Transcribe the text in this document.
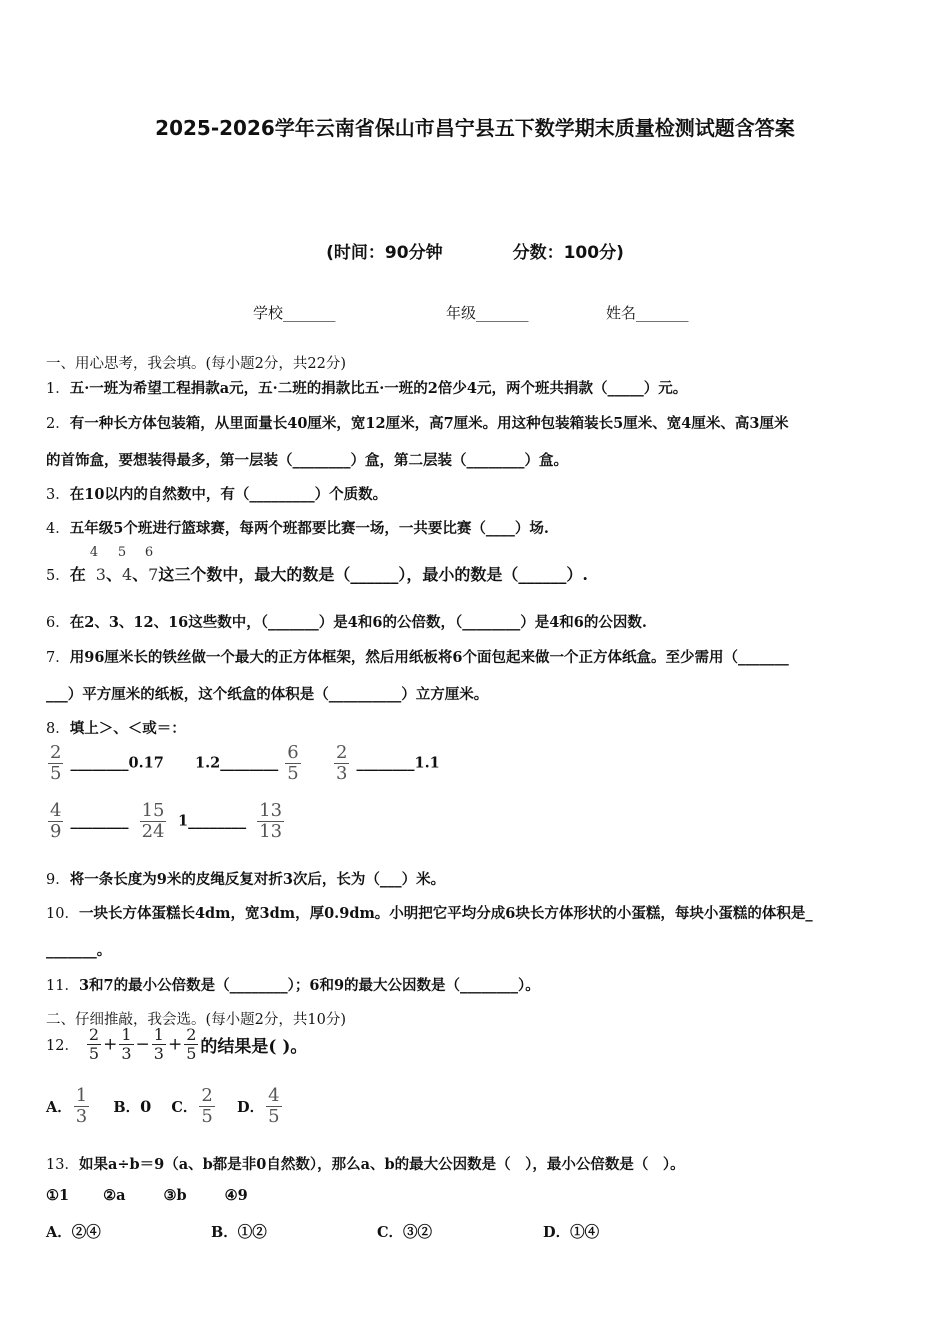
2025-2026学年云南省保山市昌宁县五下数学期末质量检测试题含答案
(时间：90分钟	分数：100分)
学校_______	年级_______	姓名_______
一、用心思考，我会填。(每小题2分，共22分)
1．五·一班为希望工程捐款a元，五·二班的捐款比五·一班的2倍少4元，两个班共捐款（_____）元。
2．有一种长方体包装箱，从里面量长40厘米，宽12厘米，高7厘米。用这种包装箱装长5厘米、宽4厘米、高3厘米
的首饰盒，要想装得最多，第一层装（________）盒，第二层装（________）盒。
3．在10以内的自然数中，有（_________）个质数。
4．五年级5个班进行篮球赛，每两个班都要比赛一场，一共要比赛（____）场.
5．在 3、4、7这三个数中，最大的数是（______），最小的数是（______）.
4 5 6
6．在2、3、12、16这些数中，（_______）是4和6的公倍数，（________）是4和6的公因数.
7．用96厘米长的铁丝做一个最大的正方体框架，然后用纸板将6个面包起来做一个正方体纸盒。至少需用（_______
___）平方厘米的纸板，这个纸盒的体积是（__________）立方厘米。
8．填上＞、＜或＝：
$\frac{2}{5}$ ________0.17 1.2________ $\frac{6}{5} \frac{2}{3}$ ________1.1
$\frac{4}{9}$ ________ $\frac{15}{24}$ 1________ $\frac{13}{13}$
9．将一条长度为9米的皮绳反复对折3次后，长为（___）米。
10．一块长方体蛋糕长4dm，宽3dm，厚0.9dm。小明把它平均分成6块长方体形状的小蛋糕，每块小蛋糕的体积是_
_______。
11．3和7的最小公倍数是（________）；6和9的最大公因数是（________）。
二、仔细推敲，我会选。(每小题2分，共10分)
12． $\frac{2}{5} + \frac{1}{3} - \frac{1}{3} + \frac{2}{5}$ 的结果是( )。
A． $\frac{1}{3}$ B．0 C． $\frac{2}{5}$ D． $\frac{4}{5}$
13．如果a÷b＝9（a、b都是非0自然数），那么a、b的最大公因数是（　），最小公倍数是（　）。
①1 ②a	③b	④9
A．②④	B．①②	C．③②	D．①④
